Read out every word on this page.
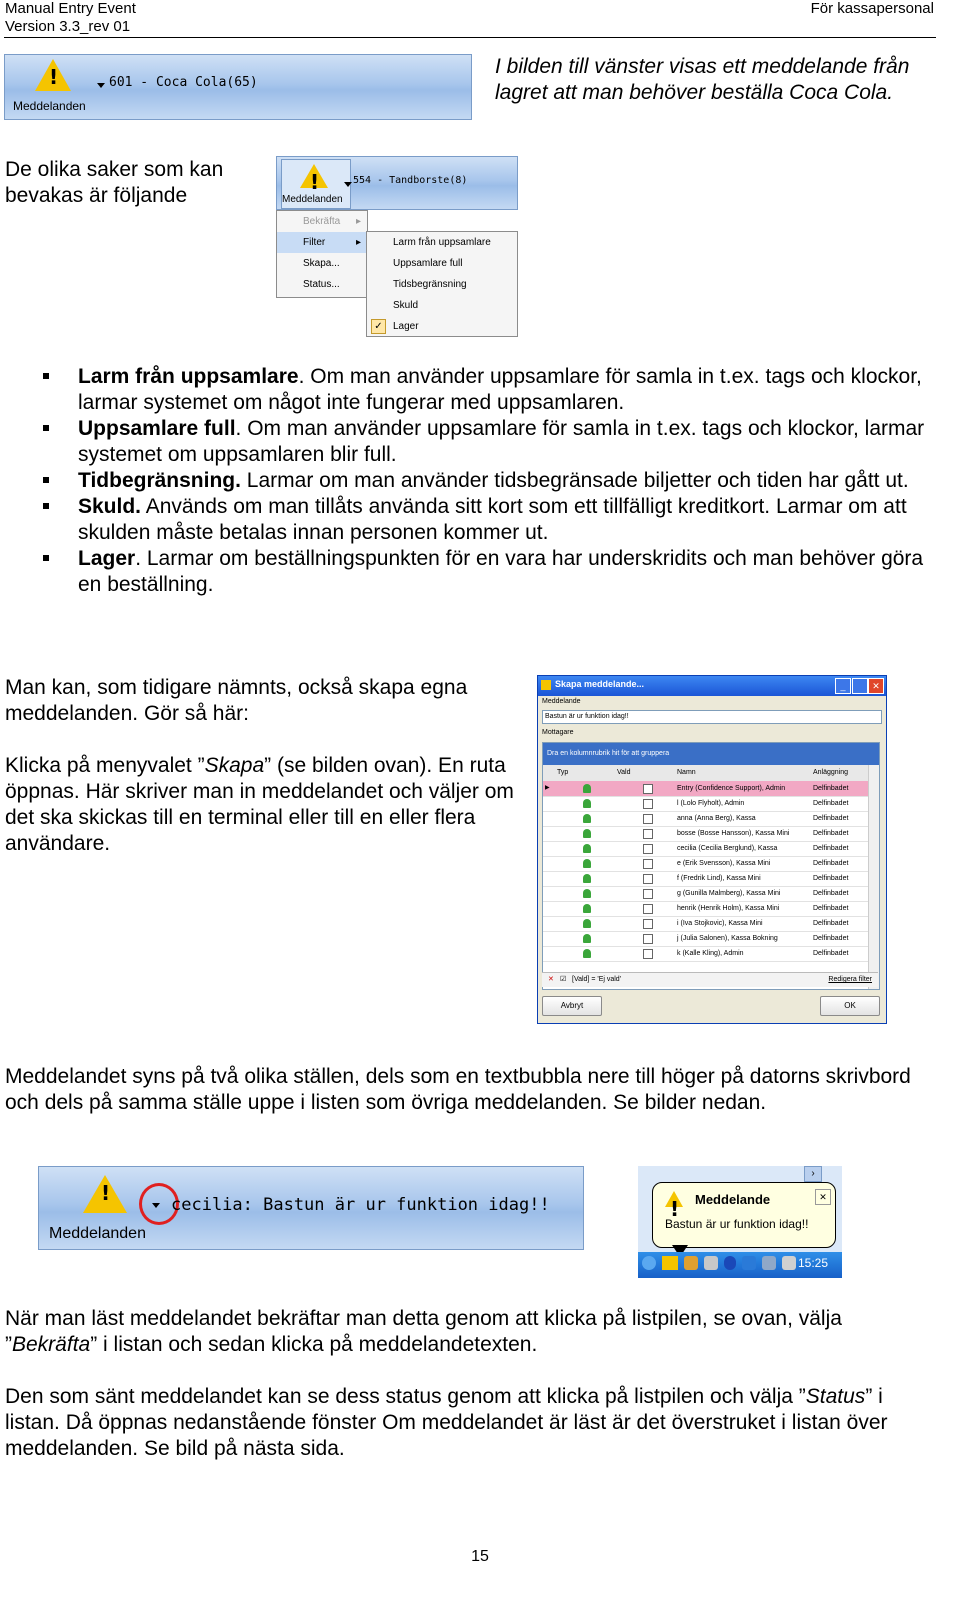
Manual Entry Event
Version 3.3_rev 01
För kassapersonal
!
601 - Coca Cola(65)
Meddelanden
I bilden till vänster visas ett meddelande från lagret att man behöver beställa Coca Cola.
De olika saker som kan bevakas är följande
!	Meddelanden
554 - Tandborste(8)
Bekräfta ▸
Filter	▸
Skapa...
Status...
Larm från uppsamlare
Uppsamlare full
Tidsbegränsning
Skuld
✓	Lager
Larm från uppsamlare. Om man använder uppsamlare för samla in t.ex. tags och klockor, larmar systemet om något inte fungerar med uppsamlaren.
Uppsamlare full. Om man använder uppsamlare för samla in t.ex. tags och klockor, larmar systemet om uppsamlaren blir full.
Tidbegränsning. Larmar om man använder tidsbegränsade biljetter och tiden har gått ut.
Skuld. Används om man tillåts använda sitt kort som ett tillfälligt kreditkort. Larmar om att skulden måste betalas innan personen kommer ut.
Lager. Larmar om beställningspunkten för en vara har underskridits och man behöver göra en beställning.
Man kan, som tidigare nämnts, också skapa egna meddelanden. Gör så här:
Klicka på menyvalet ”Skapa” (se bilden ovan). En ruta öppnas. Här skriver man in meddelandet och väljer om det ska skickas till en terminal eller till en eller flera användare.
Skapa meddelande...	_	✕
Meddelande
Bastun är ur funktion idag!!
Mottagare
Dra en kolumnrubrik hit för att gruppera
Typ	Vald	Namn	Anläggning
▶	Entry (Confidence Support), Admin	Delfinbadet
l (Lolo Flyholt), Admin	Delfinbadet
anna (Anna Berg), Kassa	Delfinbadet
bosse (Bosse Hansson), Kassa Mini	Delfinbadet
cecilia (Cecilia Berglund), Kassa	Delfinbadet
e (Erik Svensson), Kassa Mini	Delfinbadet
f (Fredrik Lind), Kassa Mini	Delfinbadet
g (Gunilla Malmberg), Kassa Mini	Delfinbadet
henrik (Henrik Holm), Kassa Mini	Delfinbadet
i (Iva Stojkovic), Kassa Mini	Delfinbadet
j (Julia Salonen), Kassa Bokning	Delfinbadet
k (Kalle Kling), Admin	Delfinbadet
✕ ☑ [Vald] = 'Ej vald'	Redigera filter
Avbryt	OK
Meddelandet syns på två olika ställen, dels som en textbubbla nere till höger på datorns skrivbord och dels på samma ställe uppe i listen som övriga meddelanden. Se bilder nedan.
!
cecilia: Bastun är ur funktion idag!!
Meddelanden
›
!
Meddelande	✕
Bastun är ur funktion idag!!
15:25
När man läst meddelandet bekräftar man detta genom att klicka på listpilen, se ovan, välja ”Bekräfta” i listan och sedan klicka på meddelandetexten.
Den som sänt meddelandet kan se dess status genom att klicka på listpilen och välja ”Status” i listan. Då öppnas nedanstående fönster Om meddelandet är läst är det överstruket i listan över meddelanden. Se bild på nästa sida.
15
